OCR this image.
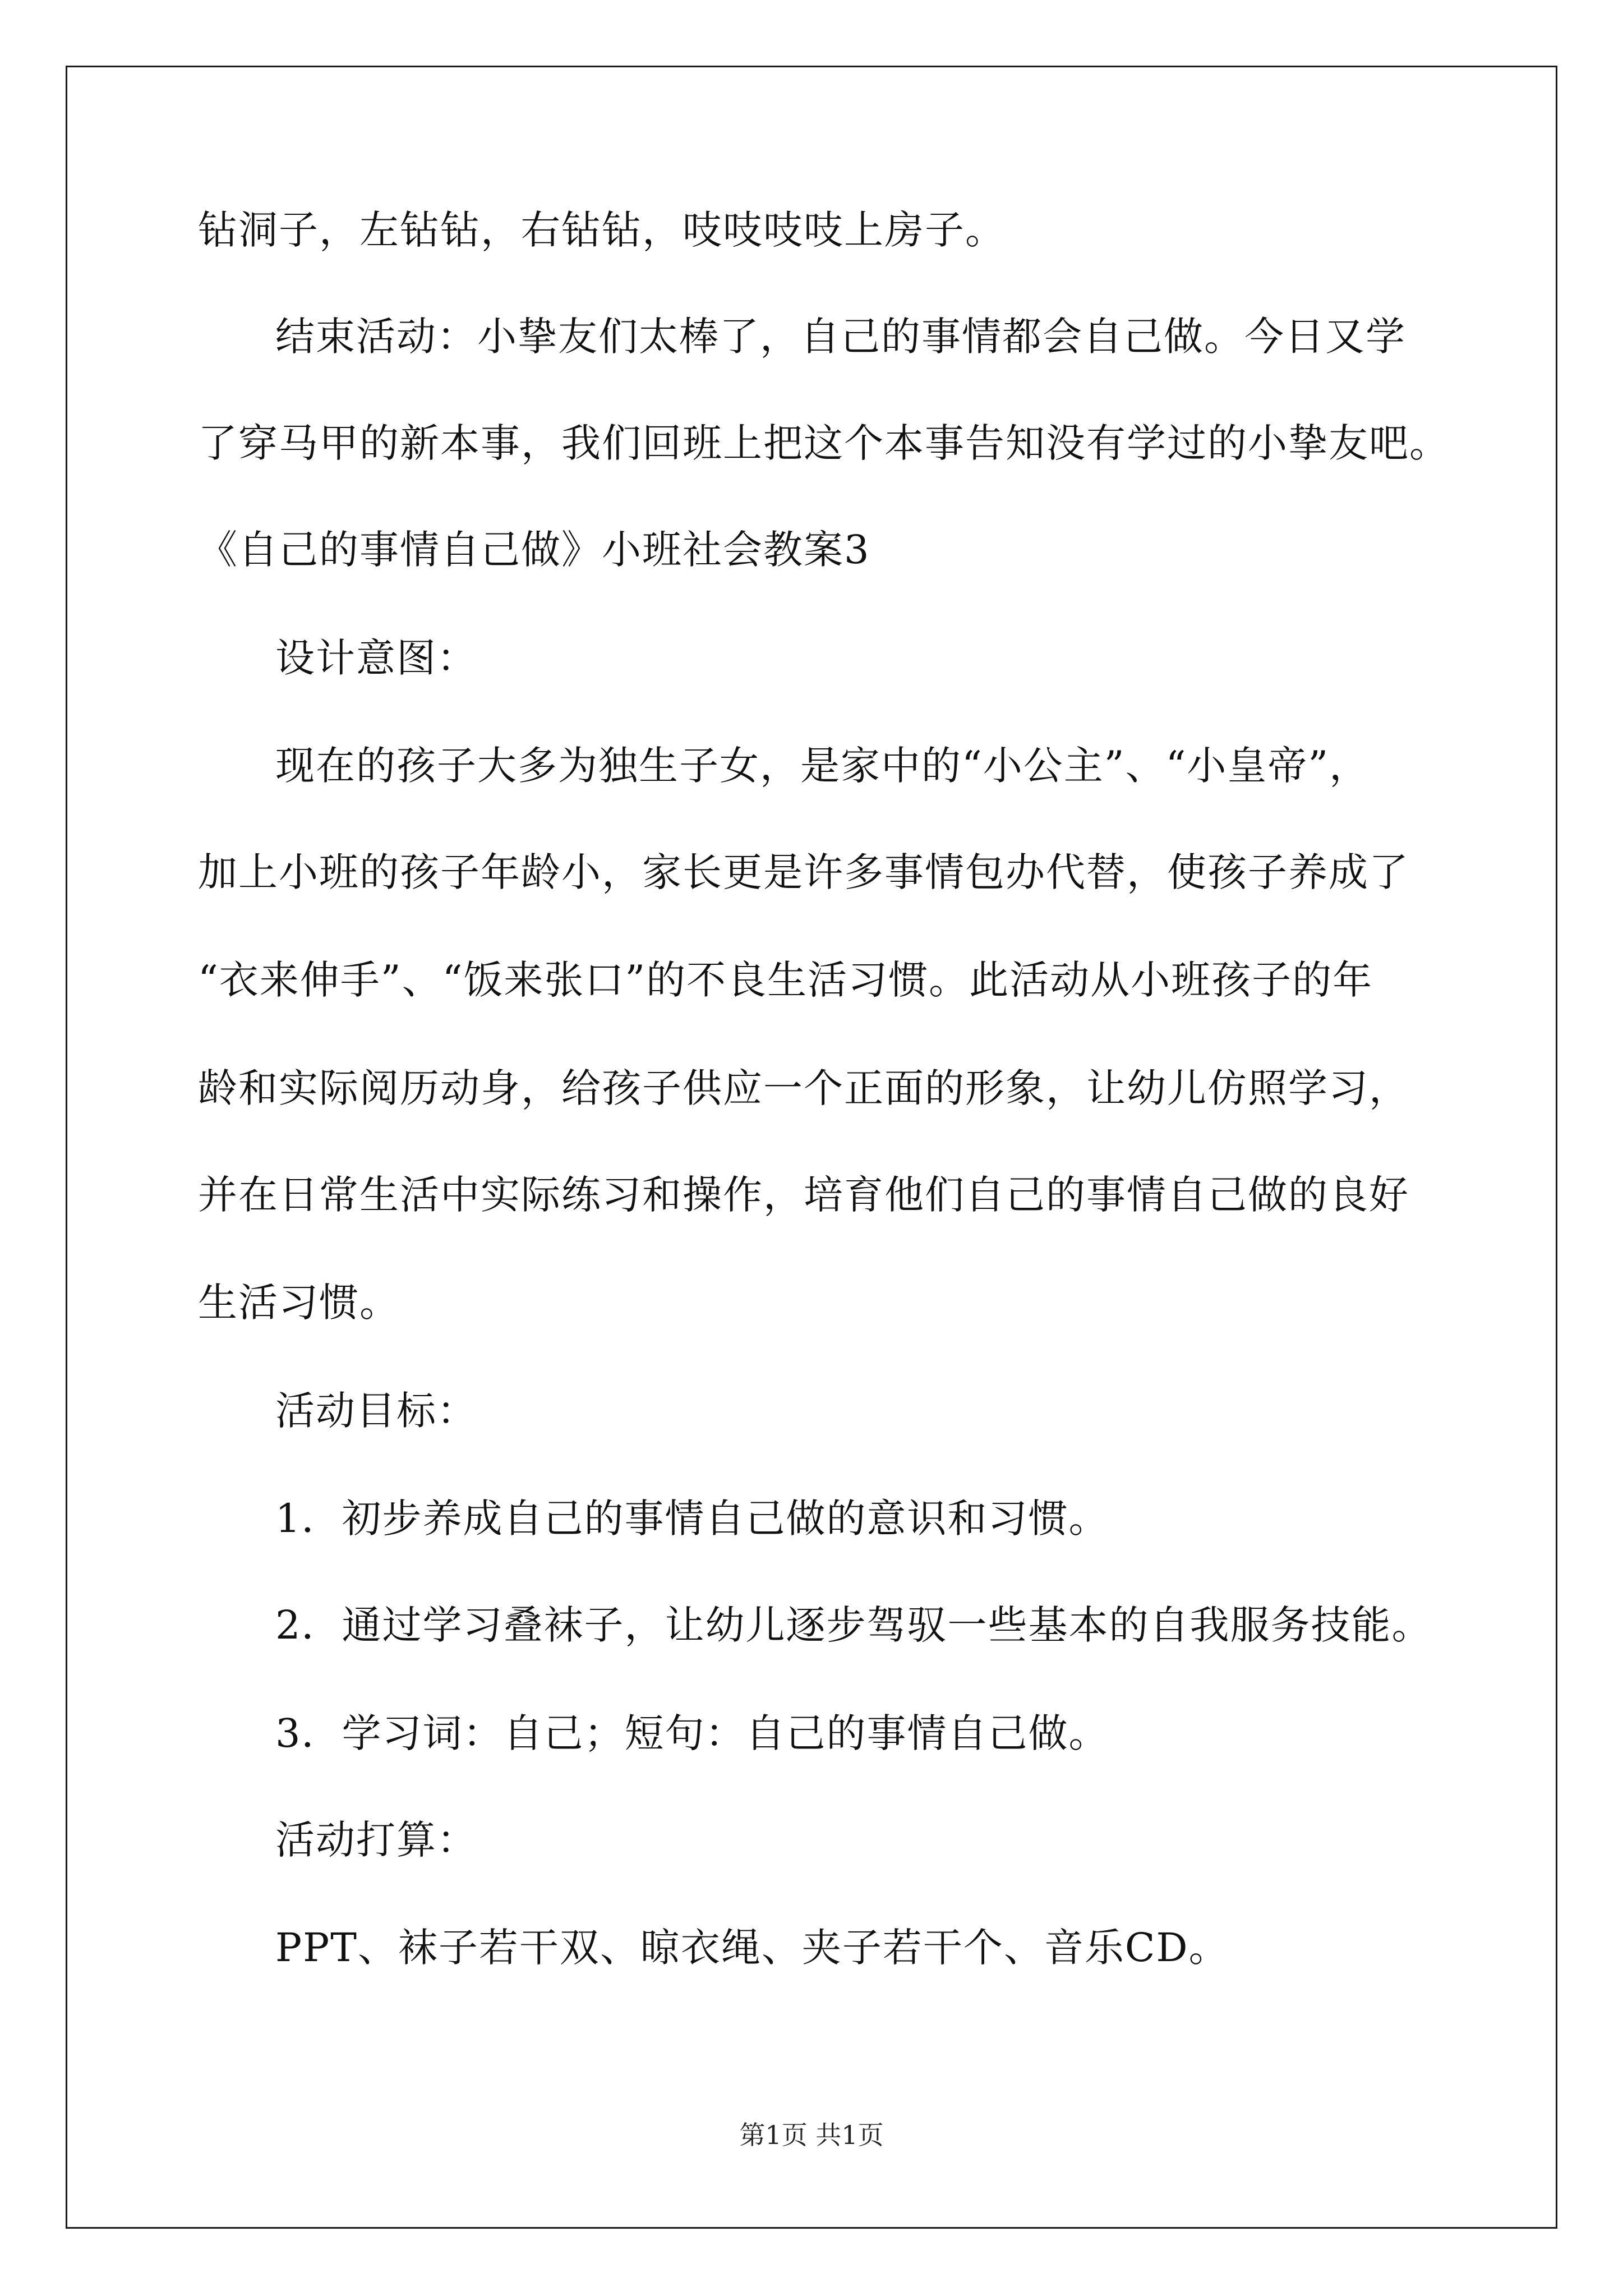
钻洞子，左钻钻，右钻钻，吱吱吱吱上房子。
结束活动：小挚友们太棒了，自己的事情都会自己做。今日又学
了穿马甲的新本事，我们回班上把这个本事告知没有学过的小挚友吧。
《自己的事情自己做》小班社会教案3
设计意图：
现在的孩子大多为独生子女，是家中的“小公主”、“小皇帝”，
加上小班的孩子年龄小，家长更是许多事情包办代替，使孩子养成了
“衣来伸手”、“饭来张口”的不良生活习惯。此活动从小班孩子的年
龄和实际阅历动身，给孩子供应一个正面的形象，让幼儿仿照学习，
并在日常生活中实际练习和操作，培育他们自己的事情自己做的良好
生活习惯。
活动目标：
1．初步养成自己的事情自己做的意识和习惯。
2．通过学习叠袜子，让幼儿逐步驾驭一些基本的自我服务技能。
3．学习词：自己；短句：自己的事情自己做。
活动打算：
PPT、袜子若干双、晾衣绳、夹子若干个、音乐CD。
第1页 共1页
